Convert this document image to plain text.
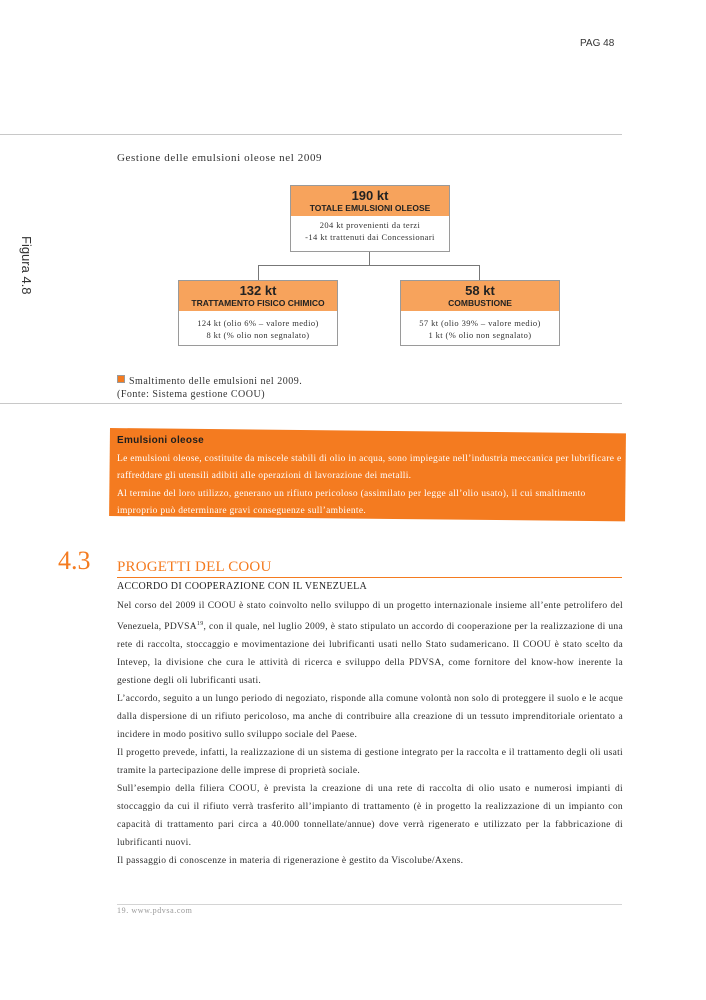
PAG 48
Figura 4.8
Gestione delle emulsioni oleose nel 2009
190 kt
TOTALE EMULSIONI OLEOSE
204 kt provenienti da terzi
-14 kt trattenuti dai Concessionari
132 kt
TRATTAMENTO FISICO CHIMICO
124 kt (olio 6% – valore medio)
8 kt (% olio non segnalato)
58 kt
COMBUSTIONE
57 kt (olio 39% – valore medio)
1 kt (% olio non segnalato)
Smaltimento delle emulsioni nel 2009.
(Fonte: Sistema gestione COOU)
Emulsioni oleose

Le emulsioni oleose, costituite da miscele stabili di olio in acqua, sono impiegate nell’industria meccanica per lubrificare e raffreddare gli utensili adibiti alle operazioni di lavorazione dei metalli.

Al termine del loro utilizzo, generano un rifiuto pericoloso (assimilato per legge all’olio usato), il cui smaltimento improprio può determinare gravi conseguenze sull’ambiente.

4.3 PROGETTI DEL COOU
ACCORDO DI COOPERAZIONE CON IL VENEZUELA

Nel corso del 2009 il COOU è stato coinvolto nello sviluppo di un progetto internazionale insieme all’ente petrolifero del Venezuela, PDVSA$^{19}$, con il quale, nel luglio 2009, è stato stipulato un accordo di cooperazione per la realizzazione di una rete di raccolta, stoccaggio e movimentazione dei lubrificanti usati nello Stato sudamericano. Il COOU è stato scelto da Intevep, la divisione che cura le attività di ricerca e sviluppo della PDVSA, come fornitore del know-how inerente la gestione degli oli lubrificanti usati.

L’accordo, seguito a un lungo periodo di negoziato, risponde alla comune volontà non solo di proteggere il suolo e le acque dalla dispersione di un rifiuto pericoloso, ma anche di contribuire alla creazione di un tessuto imprenditoriale orientato a incidere in modo positivo sullo sviluppo sociale del Paese.

Il progetto prevede, infatti, la realizzazione di un sistema di gestione integrato per la raccolta e il trattamento degli oli usati tramite la partecipazione delle imprese di proprietà sociale.

Sull’esempio della filiera COOU, è prevista la creazione di una rete di raccolta di olio usato e numerosi impianti di stoccaggio da cui il rifiuto verrà trasferito all’impianto di trattamento (è in progetto la realizzazione di un impianto con capacità di trattamento pari circa a 40.000 tonnellate/annue) dove verrà rigenerato e utilizzato per la fabbricazione di lubrificanti nuovi.

Il passaggio di conoscenze in materia di rigenerazione è gestito da Viscolube/Axens.

19. www.pdvsa.com
